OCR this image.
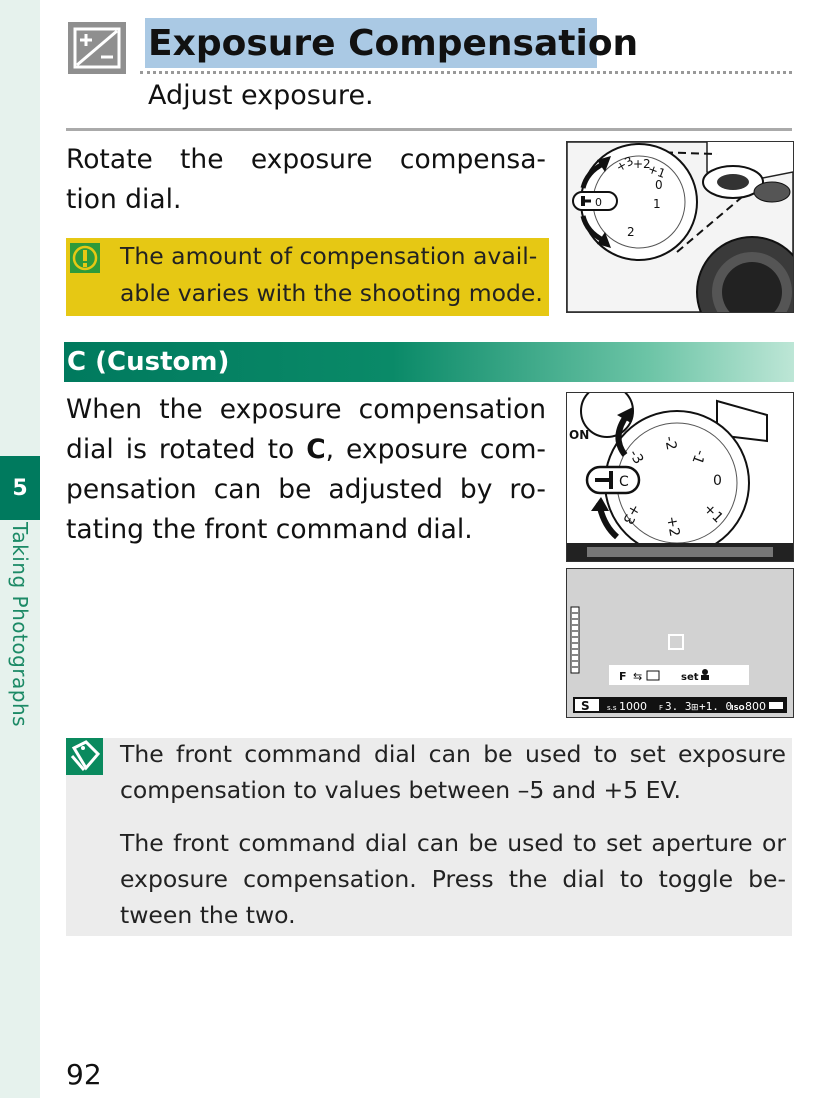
5
Taking Photographs
Exposure Compensation
Adjust exposure.
Rotate the exposure compensa-
tion dial.
The amount of compensation avail-
able varies with the shooting mode.
+3
+2
+1
0
1
2
0
C (Custom)
When the exposure compensation
dial is rotated to C, exposure com-
pensation can be adjusted by ro-
tating the front command dial.
ON
-3
-2
-1
0
+1
+2
+3
C
F ⇆	set
S s.s 1000 F 3. 3 ⊞ +1. 0
ISO 800
The front command dial can be used to set exposure
compensation to values between –5 and +5 EV.
The front command dial can be used to set aperture or
exposure compensation. Press the dial to toggle be-
tween the two.
92
